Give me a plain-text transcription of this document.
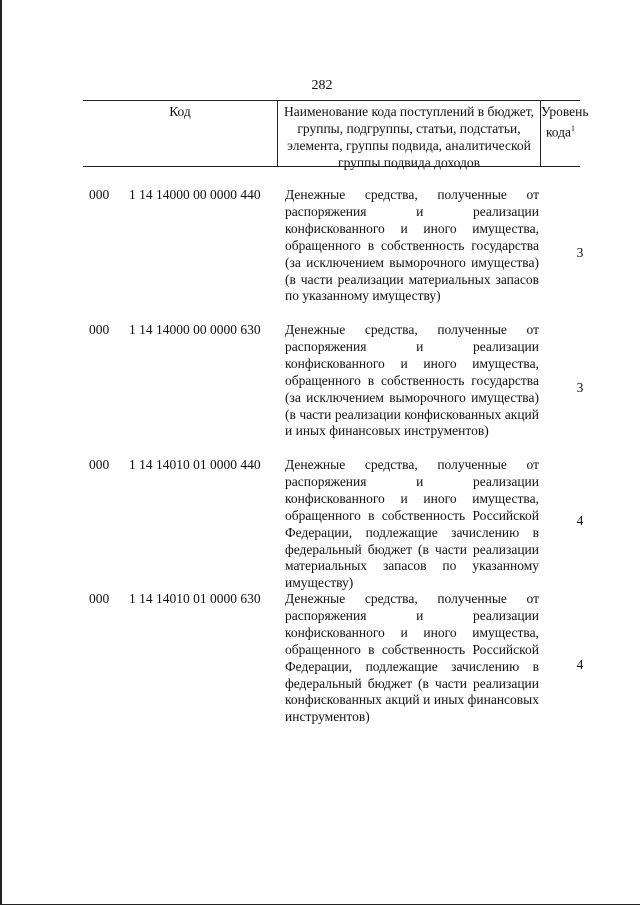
282
Код	Наименование кода поступлений в бюджет, группы, подгруппы, статьи, подстатьи, элемента, группы подвида, аналитической группы подвида доходов
Уровень кода$^1$
000 1 14 14000 00 0000 440 Денежные средства, полученные от распоряжения и реализации конфискованного и иного имущества, обращенного в собственность государства (за исключением выморочного имущества) (в части реализации материальных запасов по указанному имуществу)
3
000 1 14 14000 00 0000 630 Денежные средства, полученные от распоряжения и реализации конфискованного и иного имущества, обращенного в собственность государства (за исключением выморочного имущества) (в части реализации конфискованных акций и иных финансовых инструментов)
3
000 1 14 14010 01 0000 440 Денежные средства, полученные от распоряжения и реализации конфискованного и иного имущества, обращенного в собственность Российской Федерации, подлежащие зачислению в федеральный бюджет (в части реализации материальных запасов по указанному имуществу)
4
000 1 14 14010 01 0000 630 Денежные средства, полученные от распоряжения и реализации конфискованного и иного имущества, обращенного в собственность Российской Федерации, подлежащие зачислению в федеральный бюджет (в части реализации конфискованных акций и иных финансовых инструментов)
4
